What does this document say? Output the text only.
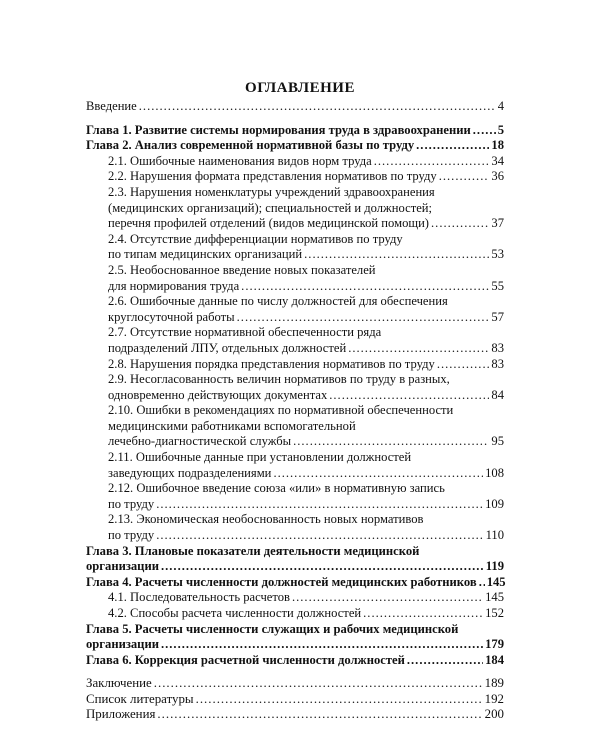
ОГЛАВЛЕНИЕ
Введение .....	4
Глава 1. Развитие системы нормирования труда в здравоохранении ..... 5
Глава 2. Анализ современной нормативной базы по труду .....	18
2.1. Ошибочные наименования видов норм труда .....	34
2.2. Нарушения формата представления нормативов по труду .....	36
2.3. Нарушения номенклатуры учреждений здравоохранения
(медицинских организаций); специальностей и должностей;
перечня профилей отделений (видов медицинской помощи) .....	37
2.4. Отсутствие дифференциации нормативов по труду
по типам медицинских организаций .....	53
2.5. Необоснованное введение новых показателей
для нормирования труда .....	55
2.6. Ошибочные данные по числу должностей для обеспечения
круглосуточной работы .....	57
2.7. Отсутствие нормативной обеспеченности ряда
подразделений ЛПУ, отдельных должностей .....	83
2.8. Нарушения порядка представления нормативов по труду .....	83
2.9. Несогласованность величин нормативов по труду в разных,
одновременно действующих документах .....	84
2.10. Ошибки в рекомендациях по нормативной обеспеченности
медицинскими работниками вспомогательной
лечебно-диагностической службы .....	95
2.11. Ошибочные данные при установлении должностей
заведующих подразделениями .....	108
2.12. Ошибочное введение союза «или» в нормативную запись
по труду .....	109
2.13. Экономическая необоснованность новых нормативов
по труду .....	110
Глава 3. Плановые показатели деятельности медицинской
организации .....	119
Глава 4. Расчеты численности должностей медицинских работников ..... 145
4.1. Последовательность расчетов .....	145
4.2. Способы расчета численности должностей .....	152
Глава 5. Расчеты численности служащих и рабочих медицинской
организации .....	179
Глава 6. Коррекция расчетной численности должностей .....	184
Заключение .....	189
Список литературы .....	192
Приложения .....	200
